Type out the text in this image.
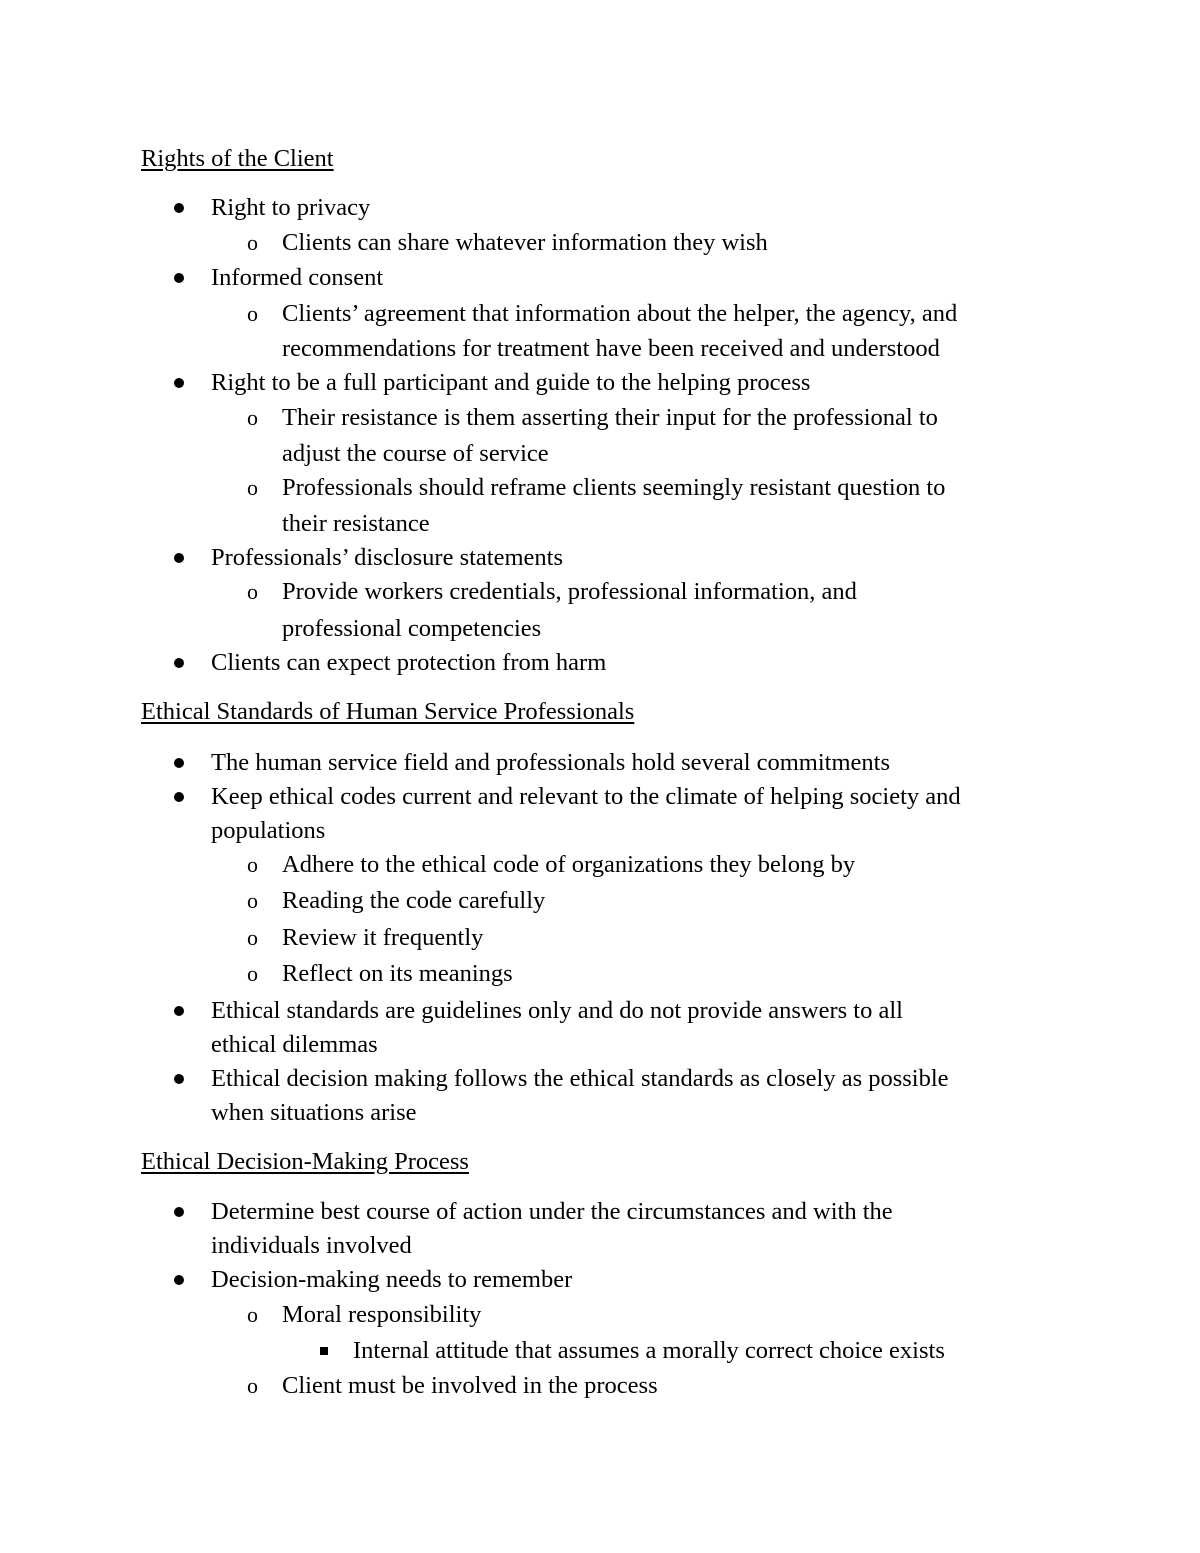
Rights of the Client
Right to privacy
o Clients can share whatever information they wish
Informed consent
o Clients’ agreement that information about the helper, the agency, and
recommendations for treatment have been received and understood
Right to be a full participant and guide to the helping process
o Their resistance is them asserting their input for the professional to
adjust the course of service
o Professionals should reframe clients seemingly resistant question to
their resistance
Professionals’ disclosure statements
o Provide workers credentials, professional information, and
professional competencies
Clients can expect protection from harm
Ethical Standards of Human Service Professionals
The human service field and professionals hold several commitments
Keep ethical codes current and relevant to the climate of helping society and
populations
o Adhere to the ethical code of organizations they belong by
o Reading the code carefully
o Review it frequently
o Reflect on its meanings
Ethical standards are guidelines only and do not provide answers to all
ethical dilemmas
Ethical decision making follows the ethical standards as closely as possible
when situations arise
Ethical Decision-Making Process
Determine best course of action under the circumstances and with the
individuals involved
Decision-making needs to remember
o Moral responsibility
Internal attitude that assumes a morally correct choice exists
o Client must be involved in the process
